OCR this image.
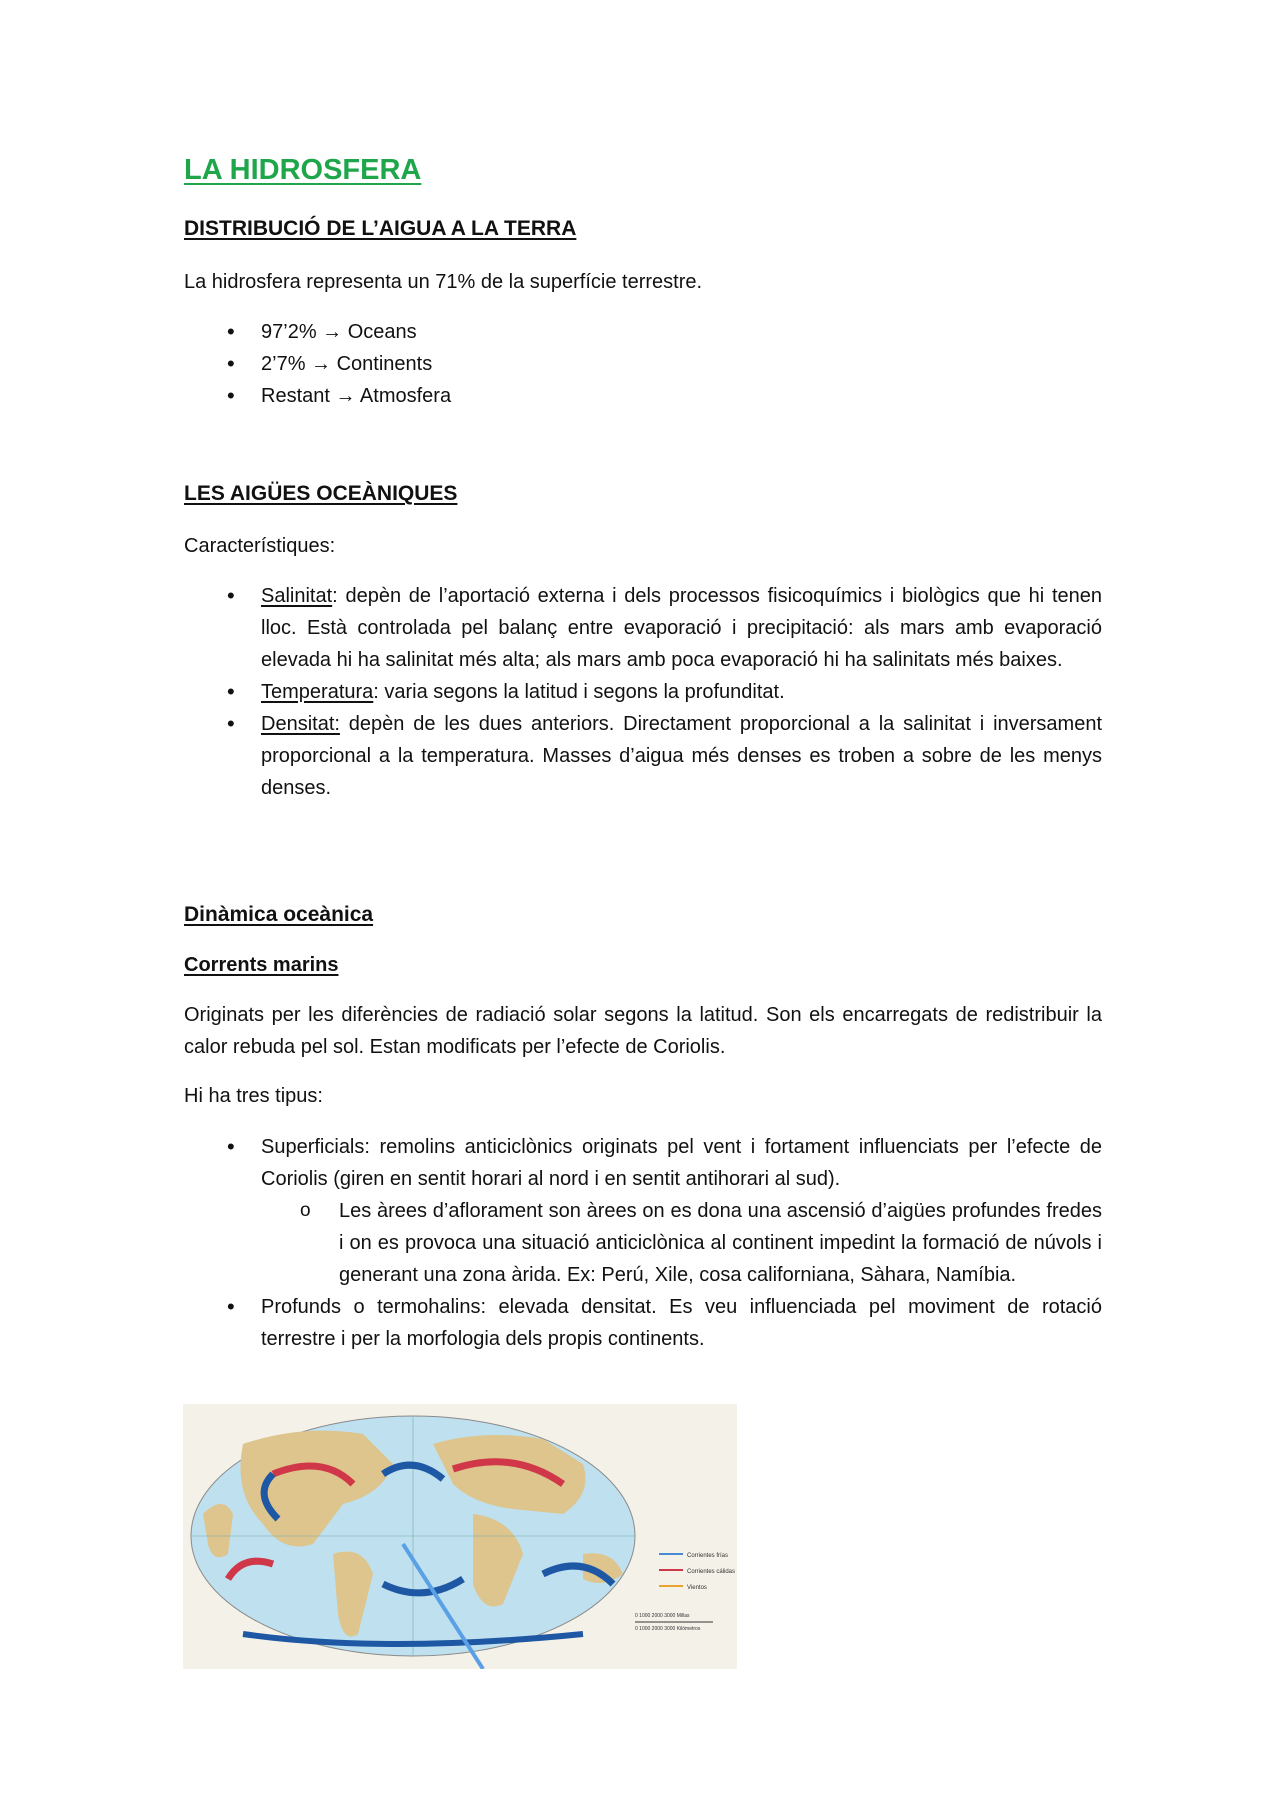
LA HIDROSFERA
DISTRIBUCIÓ DE L’AIGUA A LA TERRA

La hidrosfera representa un 71% de la superfície terrestre.

• 97’2% → Oceans
• 2’7% → Continents
• Restant → Atmosfera
LES AIGÜES OCEÀNIQUES

Característiques:

• Salinitat: depèn de l’aportació externa i dels processos fisicoquímics i biològics que hi tenen lloc. Està controlada pel balanç entre evaporació i precipitació: als mars amb evaporació elevada hi ha salinitat més alta; als mars amb poca evaporació hi ha salinitats més baixes.
• Temperatura: varia segons la latitud i segons la profunditat.
• Densitat: depèn de les dues anteriors. Directament proporcional a la salinitat i inversament proporcional a la temperatura. Masses d’aigua més denses es troben a sobre de les menys denses.
Dinàmica oceànica
Corrents marins

Originats per les diferències de radiació solar segons la latitud. Son els encarregats de redistribuir la calor rebuda pel sol. Estan modificats per l’efecte de Coriolis.

Hi ha tres tipus:

• Superficials: remolins anticiclònics originats pel vent i fortament influenciats per l’efecte de Coriolis (giren en sentit horari al nord i en sentit antihorari al sud).
o Les àrees d’aflorament son àrees on es dona una ascensió d’aigües profundes fredes i on es provoca una situació anticiclònica al continent impedint la formació de núvols i generant una zona àrida. Ex: Perú, Xile, cosa californiana, Sàhara, Namíbia.
• Profunds o termohalins: elevada densitat. Es veu influenciada pel moviment de rotació terrestre i per la morfologia dels propis continents.
Corrientes frías
Corrientes cálidas
Vientos
0 1000 2000 3000 Millas
0 1000 2000 3000 Kilómetros
